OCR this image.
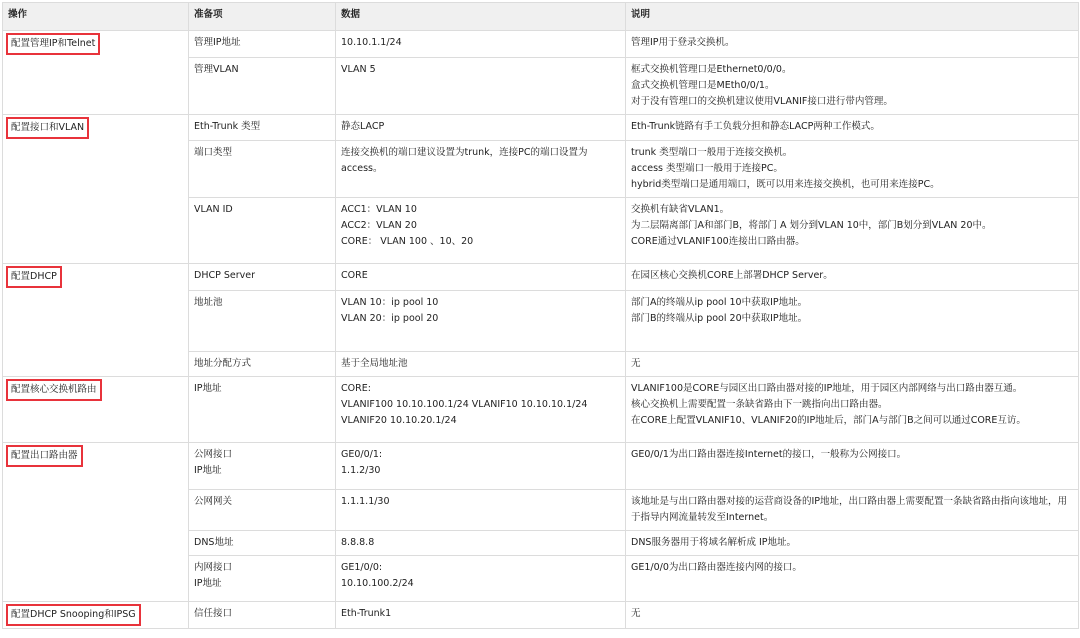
操作	准备项	数据	说明
配置管理IP和Telnet	管理IP地址	10.10.1.1/24	管理IP用于登录交换机。

	管理VLAN	VLAN 5	框式交换机管理口是Ethernet0/0/0。
盒式交换机管理口是MEth0/0/1。
对于没有管理口的交换机建议使用VLANIF接口进行带内管理。

配置接口和VLAN	Eth-Trunk 类型	静态LACP	Eth-Trunk链路有手工负载分担和静态LACP两种工作模式。

	端口类型	连接交换机的端口建议设置为trunk，连接PC的端口设置为access。	trunk 类型端口一般用于连接交换机。
access 类型端口一般用于连接PC。
hybrid类型端口是通用端口，既可以用来连接交换机，也可用来连接PC。

	VLAN ID	ACC1：VLAN 10
ACC2：VLAN 20
CORE： VLAN 100 、10、20	交换机有缺省VLAN1。
为二层隔离部门A和部门B，将部门 A 划分到VLAN 10中，部门B划分到VLAN 20中。
CORE通过VLANIF100连接出口路由器。

配置DHCP	DHCP Server	CORE	在园区核心交换机CORE上部署DHCP Server。

	地址池	VLAN 10：ip pool 10
VLAN 20：ip pool 20	部门A的终端从ip pool 10中获取IP地址。
部门B的终端从ip pool 20中获取IP地址。

	地址分配方式	基于全局地址池	无

配置核心交换机路由	IP地址	CORE:
VLANIF100 10.10.100.1/24 VLANIF10 10.10.10.1/24
VLANIF20 10.10.20.1/24	VLANIF100是CORE与园区出口路由器对接的IP地址，用于园区内部网络与出口路由器互通。
核心交换机上需要配置一条缺省路由下一跳指向出口路由器。
在CORE上配置VLANIF10、VLANIF20的IP地址后，部门A与部门B之间可以通过CORE互访。

配置出口路由器	公网接口
IP地址	GE0/0/1:
1.1.2/30	GE0/0/1为出口路由器连接Internet的接口，一般称为公网接口。

	公网网关	1.1.1.1/30	该地址是与出口路由器对接的运营商设备的IP地址，出口路由器上需要配置一条缺省路由指向该地址，用于指导内网流量转发至Internet。

	DNS地址	8.8.8.8	DNS服务器用于将域名解析成 IP地址。

	内网接口
IP地址	GE1/0/0:
10.10.100.2/24	GE1/0/0为出口路由器连接内网的接口。

配置DHCP Snooping和IPSG	信任接口	Eth-Trunk1	无
